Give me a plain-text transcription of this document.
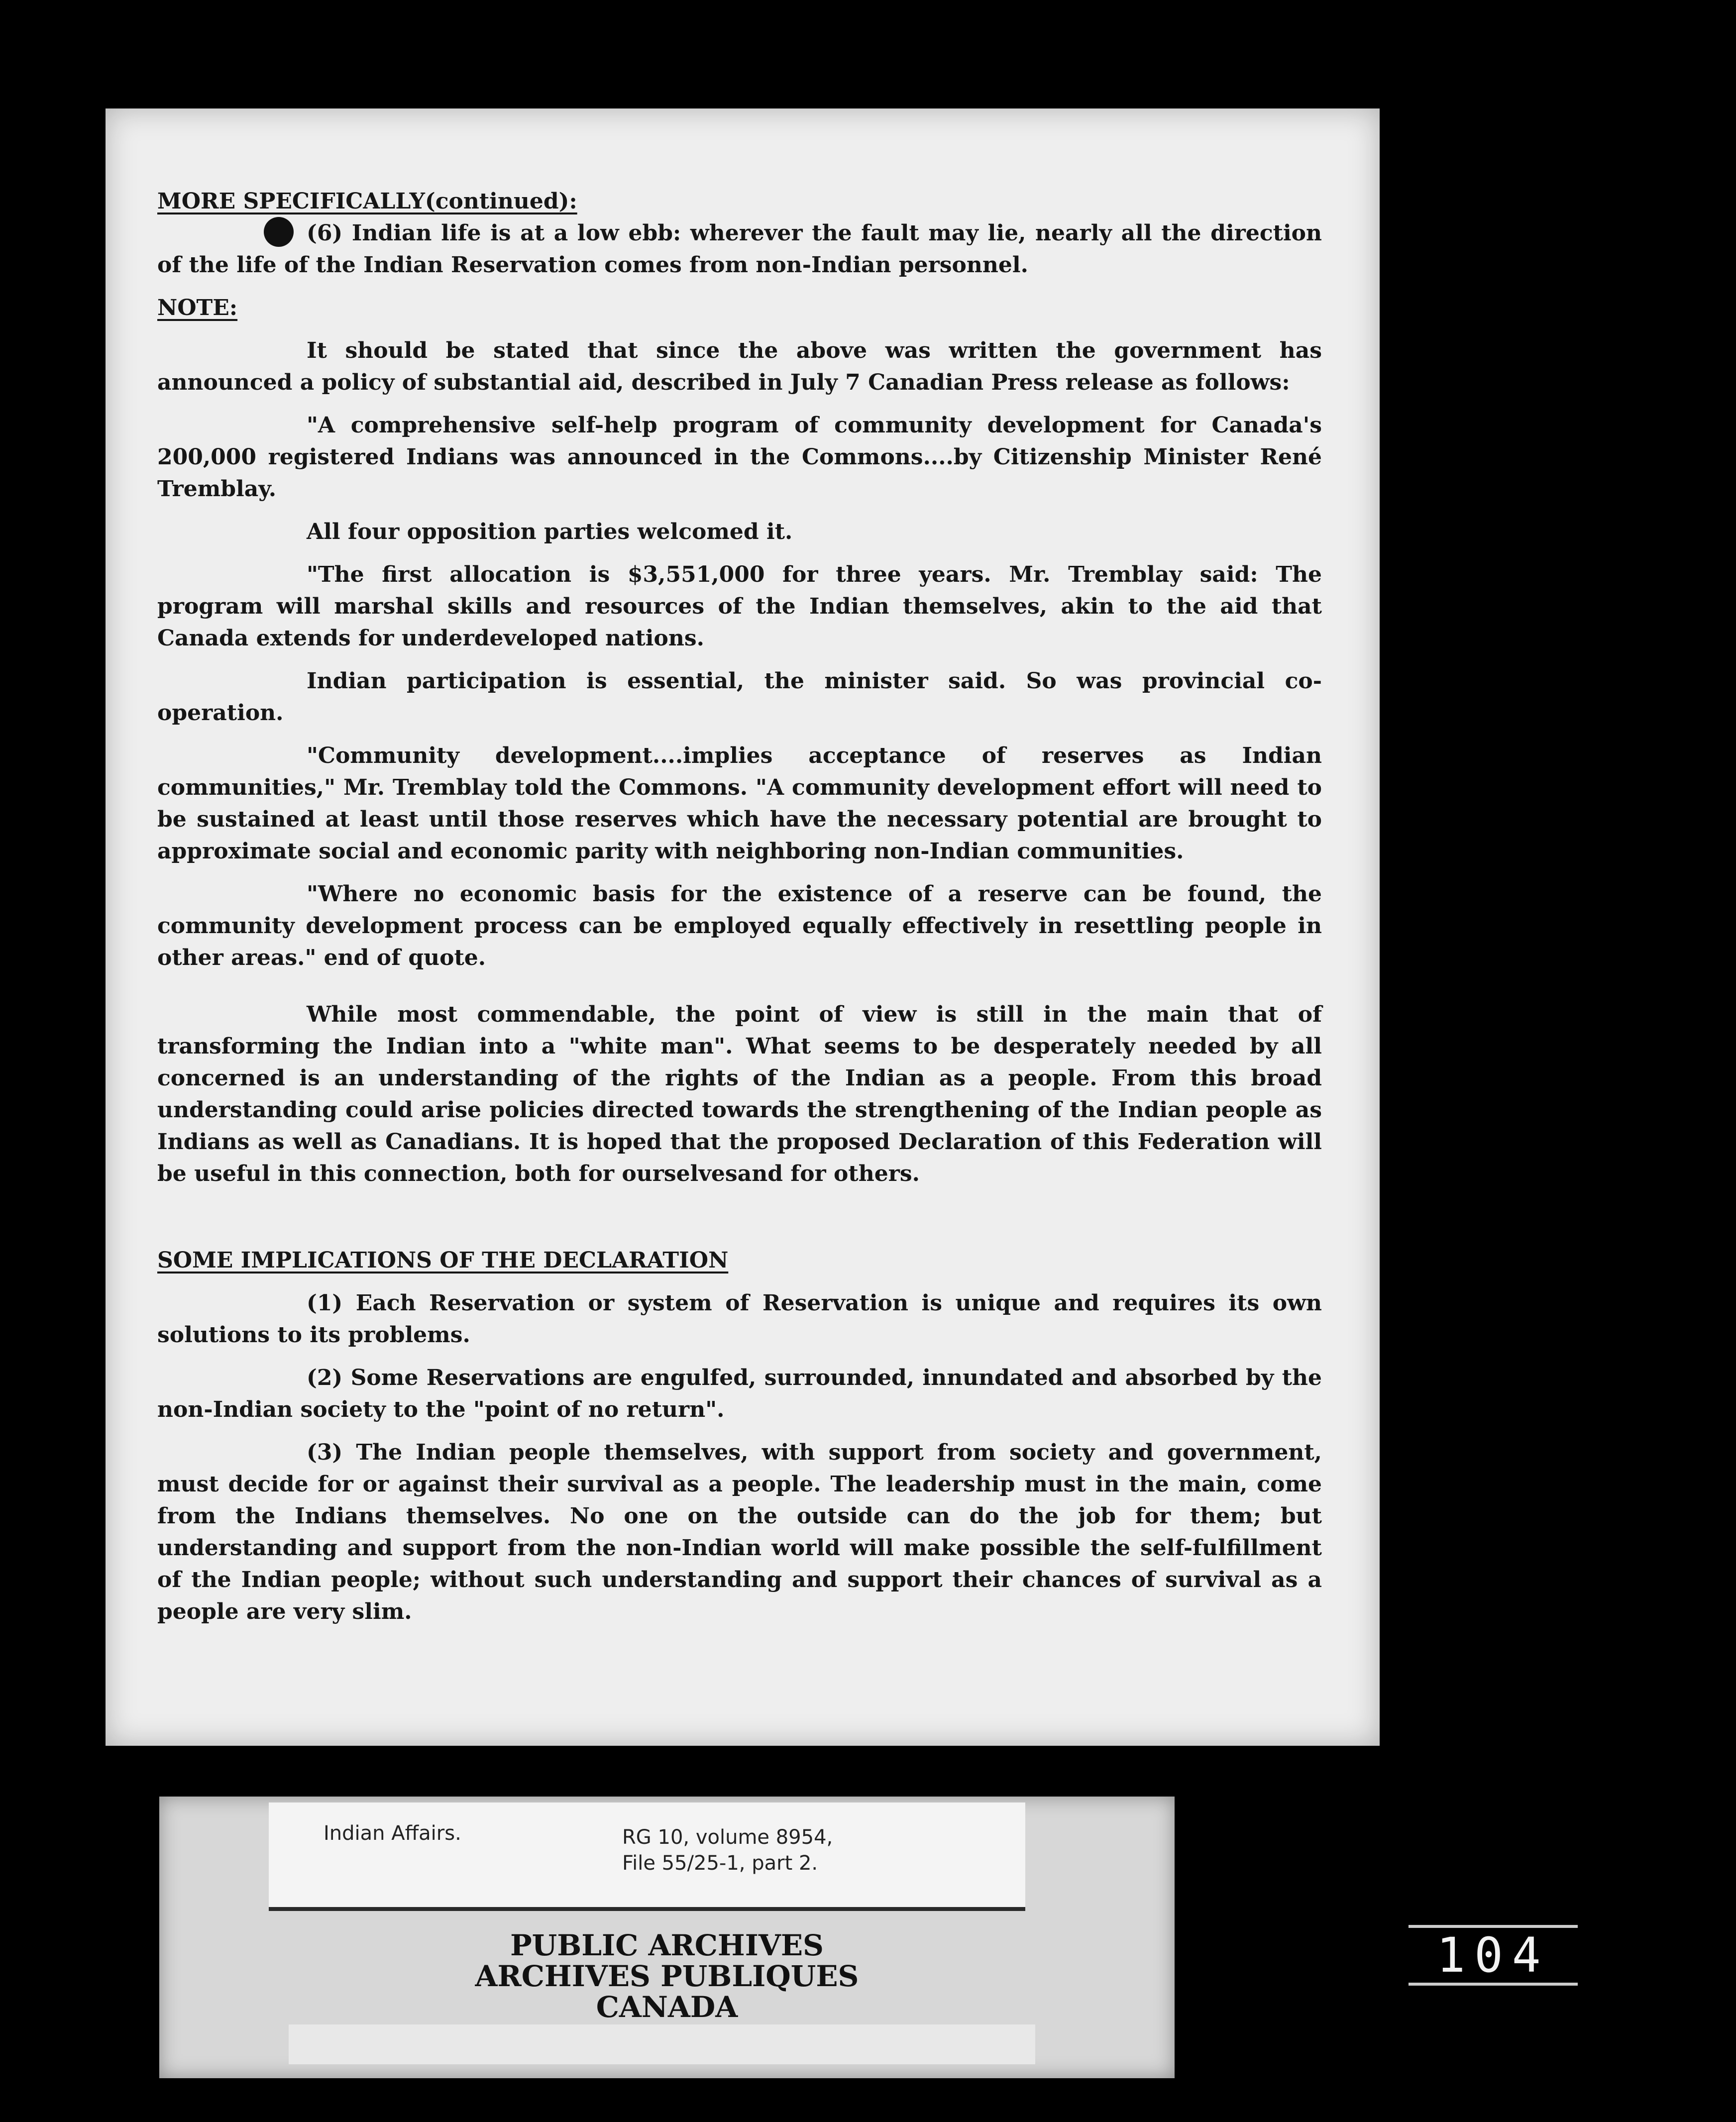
MORE SPECIFICALLY(continued):

(6) Indian life is at a low ebb: wherever the fault may lie, nearly all the direction of the life of the Indian Reservation comes from non-Indian personnel.

NOTE:

It should be stated that since the above was written the government has announced a policy of substantial aid, described in July 7 Canadian Press release as follows:

"A comprehensive self-help program of community development for Canada's 200,000 registered Indians was announced in the Commons....by Citizenship Minister René Tremblay.

All four opposition parties welcomed it.

"The first allocation is $3,551,000 for three years. Mr. Tremblay said: The program will marshal skills and resources of the Indian themselves, akin to the aid that Canada extends for underdeveloped nations.

Indian participation is essential, the minister said. So was provincial co-operation.

"Community development....implies acceptance of reserves as Indian communities," Mr. Tremblay told the Commons. "A community development effort will need to be sustained at least until those reserves which have the necessary potential are brought to approximate social and economic parity with neighboring non-Indian communities.

"Where no economic basis for the existence of a reserve can be found, the community development process can be employed equally effectively in resettling people in other areas." end of quote.

While most commendable, the point of view is still in the main that of transforming the Indian into a "white man". What seems to be desperately needed by all concerned is an understanding of the rights of the Indian as a people. From this broad understanding could arise policies directed towards the strengthening of the Indian people as Indians as well as Canadians. It is hoped that the proposed Declaration of this Federation will be useful in this connection, both for ourselvesand for others.

SOME IMPLICATIONS OF THE DECLARATION

(1) Each Reservation or system of Reservation is unique and requires its own solutions to its problems.

(2) Some Reservations are engulfed, surrounded, innundated and absorbed by the non-Indian society to the "point of no return".

(3) The Indian people themselves, with support from society and government, must decide for or against their survival as a people. The leadership must in the main, come from the Indians themselves. No one on the outside can do the job for them; but understanding and support from the non-Indian world will make possible the self-fulfillment of the Indian people; without such understanding and support their chances of survival as a people are very slim.

Indian Affairs.	RG 10, volume 8954,
File 55/25-1, part 2.
PUBLIC ARCHIVES
ARCHIVES PUBLIQUES
CANADA
104
